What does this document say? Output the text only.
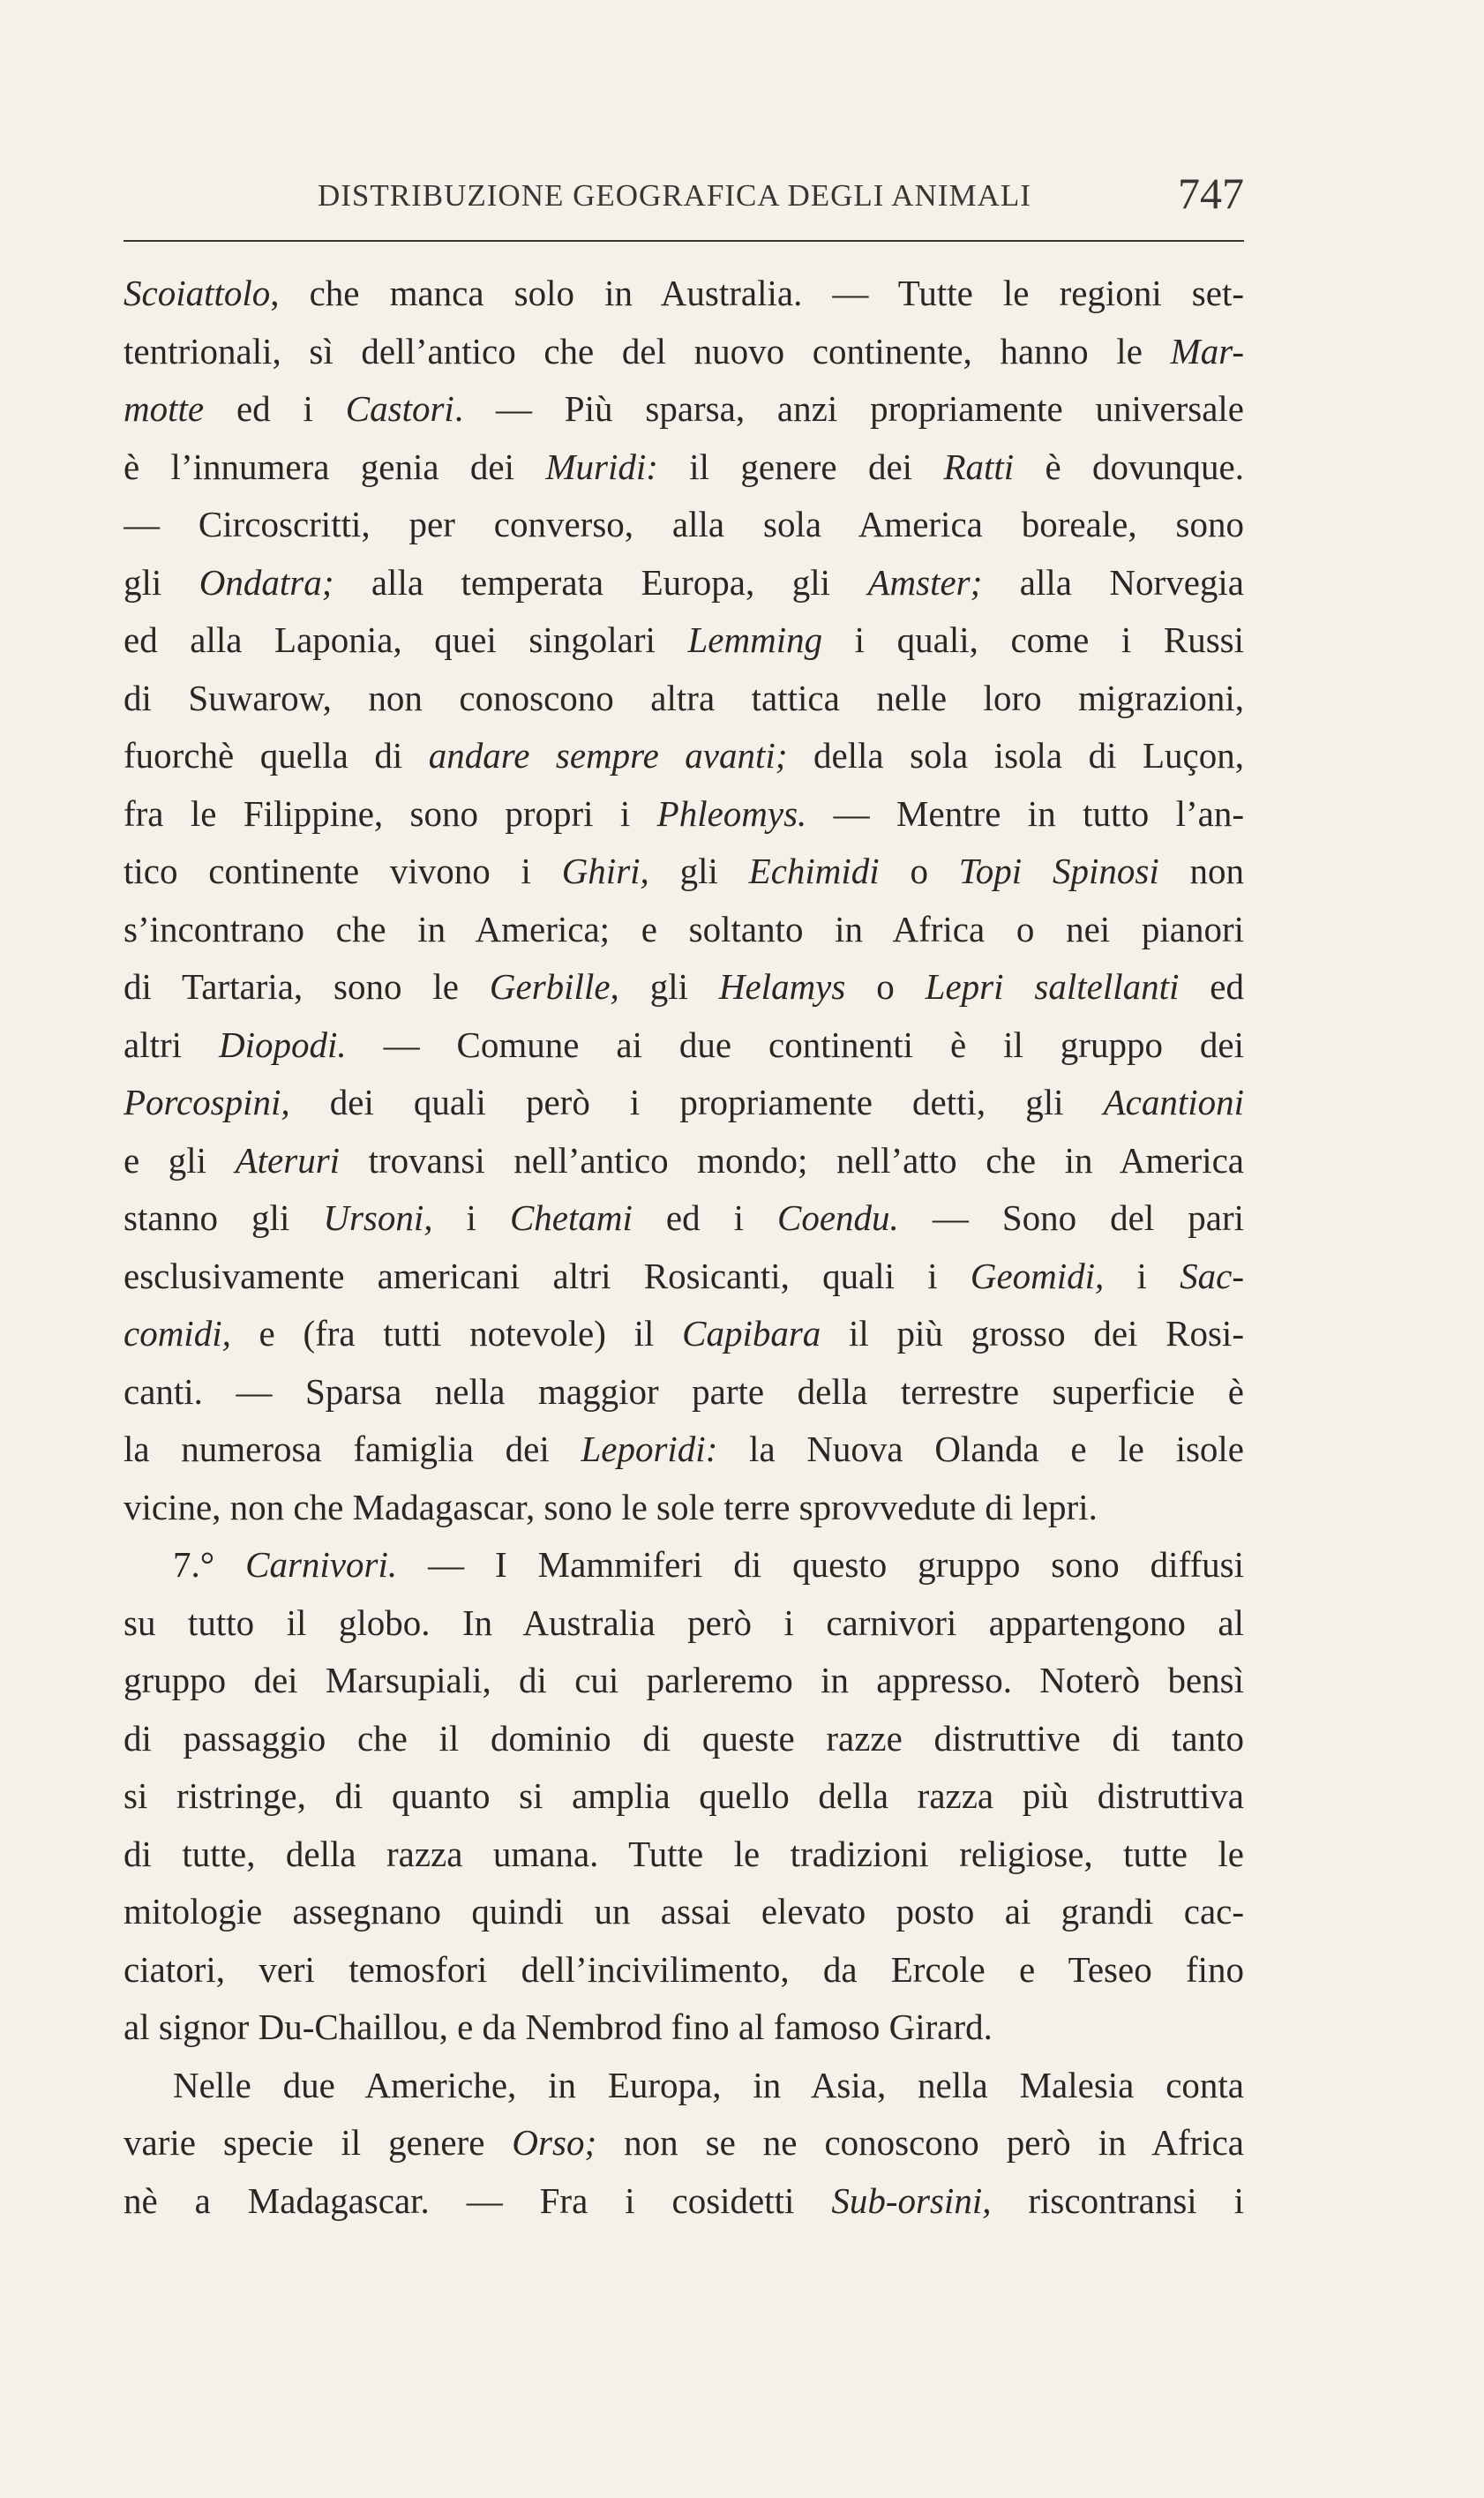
DISTRIBUZIONE GEOGRAFICA DEGLI ANIMALI	747
Scoiattolo, che manca solo in Australia. — Tutte le regioni set-
tentrionali, sì dell’antico che del nuovo continente, hanno le Mar-
motte ed i Castori. — Più sparsa, anzi propriamente universale
è l’innumera genia dei Muridi: il genere dei Ratti è dovunque.
— Circoscritti, per converso, alla sola America boreale, sono
gli Ondatra; alla temperata Europa, gli Amster; alla Norvegia
ed alla Laponia, quei singolari Lemming i quali, come i Russi
di Suwarow, non conoscono altra tattica nelle loro migrazioni,
fuorchè quella di andare sempre avanti; della sola isola di Luçon,
fra le Filippine, sono propri i Phleomys. — Mentre in tutto l’an-
tico continente vivono i Ghiri, gli Echimidi o Topi Spinosi non
s’incontrano che in America; e soltanto in Africa o nei pianori
di Tartaria, sono le Gerbille, gli Helamys o Lepri saltellanti ed
altri Diopodi. — Comune ai due continenti è il gruppo dei
Porcospini, dei quali però i propriamente detti, gli Acantioni
e gli Ateruri trovansi nell’antico mondo; nell’atto che in America
stanno gli Ursoni, i Chetami ed i Coendu. — Sono del pari
esclusivamente americani altri Rosicanti, quali i Geomidi, i Sac-
comidi, e (fra tutti notevole) il Capibara il più grosso dei Rosi-
canti. — Sparsa nella maggior parte della terrestre superficie è
la numerosa famiglia dei Leporidi: la Nuova Olanda e le isole
vicine, non che Madagascar, sono le sole terre sprovvedute di lepri.
7.° Carnivori. — I Mammiferi di questo gruppo sono diffusi
su tutto il globo. In Australia però i carnivori appartengono al
gruppo dei Marsupiali, di cui parleremo in appresso. Noterò bensì
di passaggio che il dominio di queste razze distruttive di tanto
si ristringe, di quanto si amplia quello della razza più distruttiva
di tutte, della razza umana. Tutte le tradizioni religiose, tutte le
mitologie assegnano quindi un assai elevato posto ai grandi cac-
ciatori, veri temosfori dell’incivilimento, da Ercole e Teseo fino
al signor Du-Chaillou, e da Nembrod fino al famoso Girard.
Nelle due Americhe, in Europa, in Asia, nella Malesia conta
varie specie il genere Orso; non se ne conoscono però in Africa
nè a Madagascar. — Fra i cosidetti Sub-orsini, riscontransi i
